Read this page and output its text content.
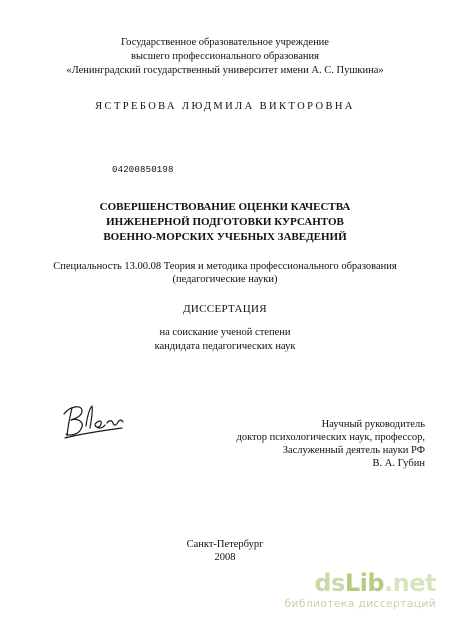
Государственное образовательное учреждение
высшего профессионального образования
«Ленинградский государственный университет имени А. С. Пушкина»
ЯСТРЕБОВА ЛЮДМИЛА ВИКТОРОВНА
04200850198
СОВЕРШЕНСТВОВАНИЕ ОЦЕНКИ КАЧЕСТВА
ИНЖЕНЕРНОЙ ПОДГОТОВКИ КУРСАНТОВ
ВОЕННО-МОРСКИХ УЧЕБНЫХ ЗАВЕДЕНИЙ
Специальность 13.00.08 Теория и методика профессионального образования
(педагогические науки)
ДИССЕРТАЦИЯ
на соискание ученой степени
кандидата педагогических наук
Научный руководитель
доктор психологических наук, профессор,
Заслуженный деятель науки РФ
В. А. Губин
Санкт-Петербург
2008
dsLib.net
библиотека диссертаций
